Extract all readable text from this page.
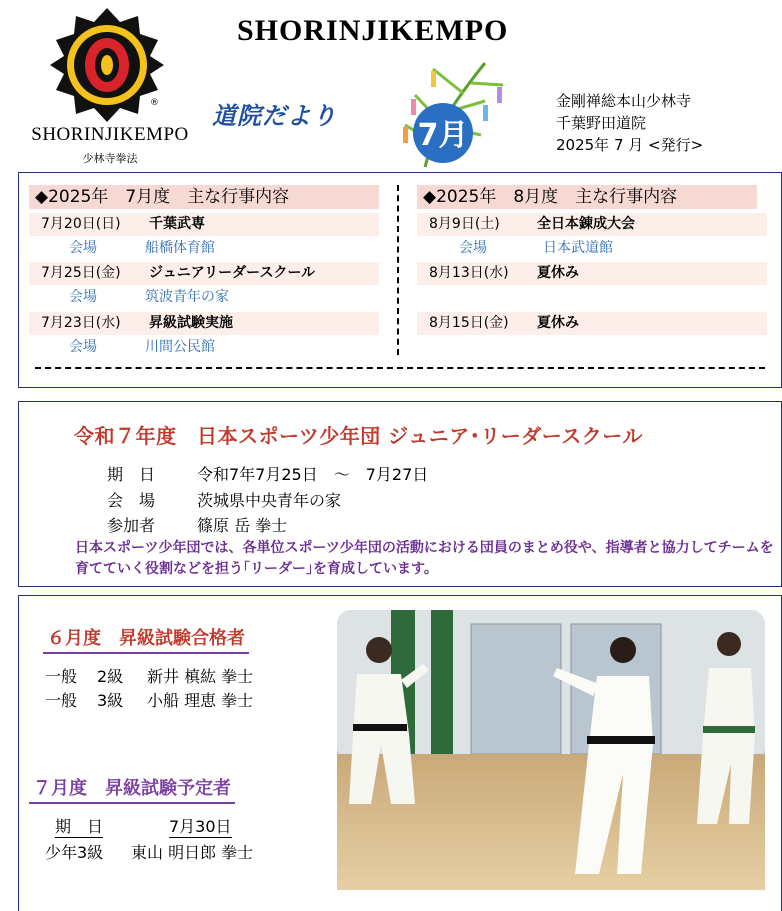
®
SHORINJIKEMPO
少林寺拳法
SHORINJIKEMPO
道院だより
7月
金剛禅総本山少林寺
千葉野田道院
2025年 7 月 <発行>
◆2025年　7月度　主な行事内容
7月20日(日) 千葉武専
会場	船橋体育館
7月25日(金) ジュニアリーダースクール
会場	筑波青年の家
7月23日(水) 昇級試験実施
会場	川間公民館
◆2025年　8月度　主な行事内容
8月9日(土)	全日本錬成大会
会場	日本武道館
8月13日(水) 夏休み
8月15日(金) 夏休み
令和７年度　日本スポーツ少年団 ジュニア･リーダースクール
期　日	令和7年7月25日　～　7月27日
会　場	茨城県中央青年の家
参加者	篠原 岳 拳士
日本スポーツ少年団では、各単位スポーツ少年団の活動における団員のまとめ役や、指導者と協力してチームを育てていく役割などを担う｢リーダー｣を育成しています。
６月度　昇級試験合格者
一般 2級 新井 槙紘 拳士
一般 3級 小船 理恵 拳士
７月度　昇級試験予定者
期　日	7月30日
少年3級 東山 明日郎 拳士
